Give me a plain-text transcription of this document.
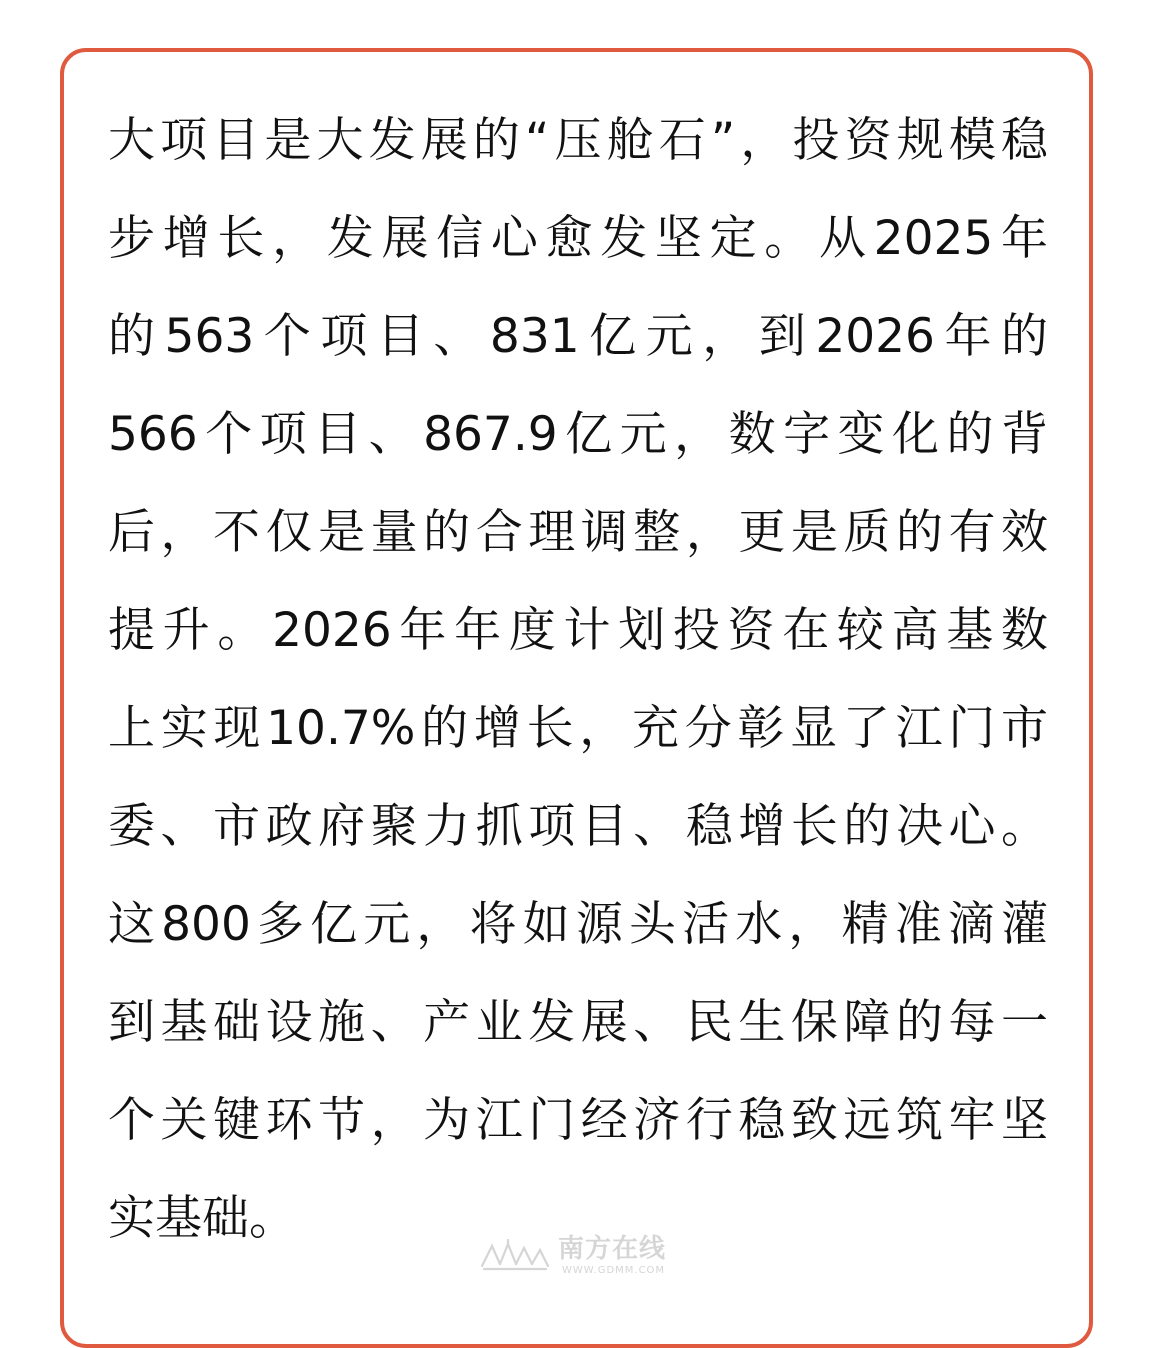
大项目是大发展的“压舱石”，投资规模稳
步增长，发展信心愈发坚定。从2025年
的563个项目、831亿元，到2026年的
566个项目、867.9亿元，数字变化的背
后，不仅是量的合理调整，更是质的有效
提升。2026年年度计划投资在较高基数
上实现10.7%的增长，充分彰显了江门市
委、市政府聚力抓项目、稳增长的决心。
这800多亿元，将如源头活水，精准滴灌
到基础设施、产业发展、民生保障的每一
个关键环节，为江门经济行稳致远筑牢坚
实基础。
南方在线
WWW.GDMM.COM
